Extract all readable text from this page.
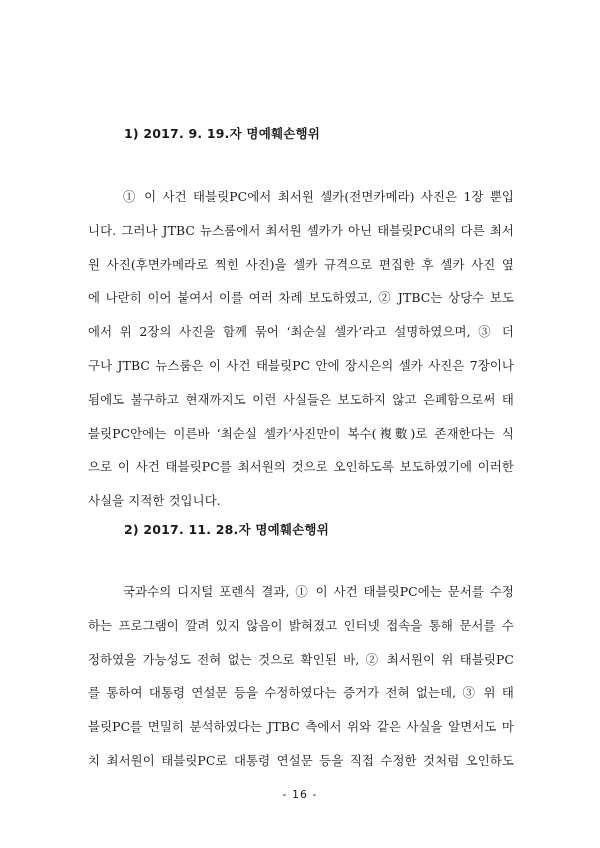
1) 2017. 9. 19.자 명예훼손행위
① 이 사건 태블릿PC에서 최서원 셀카(전면카메라) 사진은 1장 뿐입
니다. 그러나 JTBC 뉴스룸에서 최서원 셀카가 아닌 태블릿PC내의 다른 최서
원 사진(후면카메라로 찍힌 사진)을 셀카 규격으로 편집한 후 셀카 사진 옆
에 나란히 이어 붙여서 이를 여러 차례 보도하였고, ② JTBC는 상당수 보도
에서 위 2장의 사진을 함께 묶어 ‘최순실 셀카’라고 설명하였으며, ③ 더
구나 JTBC 뉴스룸은 이 사건 태블릿PC 안에 장시은의 셀카 사진은 7장이나
됨에도 불구하고 현재까지도 이런 사실들은 보도하지 않고 은폐함으로써 태
블릿PC안에는 이른바 ‘최순실 셀카’사진만이 복수(複數)로 존재한다는 식
으로 이 사건 태블릿PC를 최서원의 것으로 오인하도록 보도하였기에 이러한
사실을 지적한 것입니다.
2) 2017. 11. 28.자 명예훼손행위
국과수의 디지털 포렌식 결과, ① 이 사건 태블릿PC에는 문서를 수정
하는 프로그램이 깔려 있지 않음이 밝혀졌고 인터넷 접속을 통해 문서를 수
정하였을 가능성도 전혀 없는 것으로 확인된 바, ② 최서원이 위 태블릿PC
를 통하여 대통령 연설문 등을 수정하였다는 증거가 전혀 없는데, ③ 위 태
블릿PC를 면밀히 분석하였다는 JTBC 측에서 위와 같은 사실을 알면서도 마
치 최서원이 태블릿PC로 대통령 연설문 등을 직접 수정한 것처럼 오인하도
- 16 -
